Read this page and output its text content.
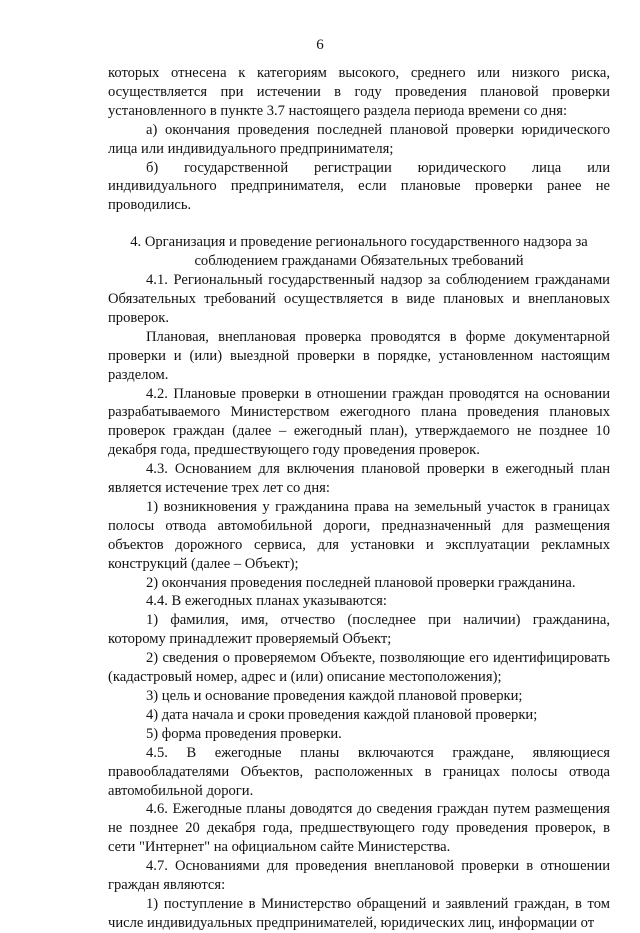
6

которых отнесена к категориям высокого, среднего или низкого риска, осуществляется при истечении в году проведения плановой проверки установленного в пункте 3.7 настоящего раздела периода времени со дня:

а) окончания проведения последней плановой проверки юридического лица или индивидуального предпринимателя;

б) государственной регистрации юридического лица или индивидуального предпринимателя, если плановые проверки ранее не проводились.

4. Организация и проведение регионального государственного надзора за соблюдением гражданами Обязательных требований

4.1. Региональный государственный надзор за соблюдением гражданами Обязательных требований осуществляется в виде плановых и внеплановых проверок.

Плановая, внеплановая проверка проводятся в форме документарной проверки и (или) выездной проверки в порядке, установленном настоящим разделом.

4.2. Плановые проверки в отношении граждан проводятся на основании разрабатываемого Министерством ежегодного плана проведения плановых проверок граждан (далее – ежегодный план), утверждаемого не позднее 10 декабря года, предшествующего году проведения проверок.

4.3. Основанием для включения плановой проверки в ежегодный план является истечение трех лет со дня:

1) возникновения у гражданина права на земельный участок в границах полосы отвода автомобильной дороги, предназначенный для размещения объектов дорожного сервиса, для установки и эксплуатации рекламных конструкций (далее – Объект);

2) окончания проведения последней плановой проверки гражданина.

4.4. В ежегодных планах указываются:

1) фамилия, имя, отчество (последнее при наличии) гражданина, которому принадлежит проверяемый Объект;

2) сведения о проверяемом Объекте, позволяющие его идентифицировать (кадастровый номер, адрес и (или) описание местоположения);

3) цель и основание проведения каждой плановой проверки;

4) дата начала и сроки проведения каждой плановой проверки;

5) форма проведения проверки.

4.5. В ежегодные планы включаются граждане, являющиеся правообладателями Объектов, расположенных в границах полосы отвода автомобильной дороги.

4.6. Ежегодные планы доводятся до сведения граждан путем размещения не позднее 20 декабря года, предшествующего году проведения проверок, в сети "Интернет" на официальном сайте Министерства.

4.7. Основаниями для проведения внеплановой проверки в отношении граждан являются:

1) поступление в Министерство обращений и заявлений граждан, в том числе индивидуальных предпринимателей, юридических лиц, информации от
